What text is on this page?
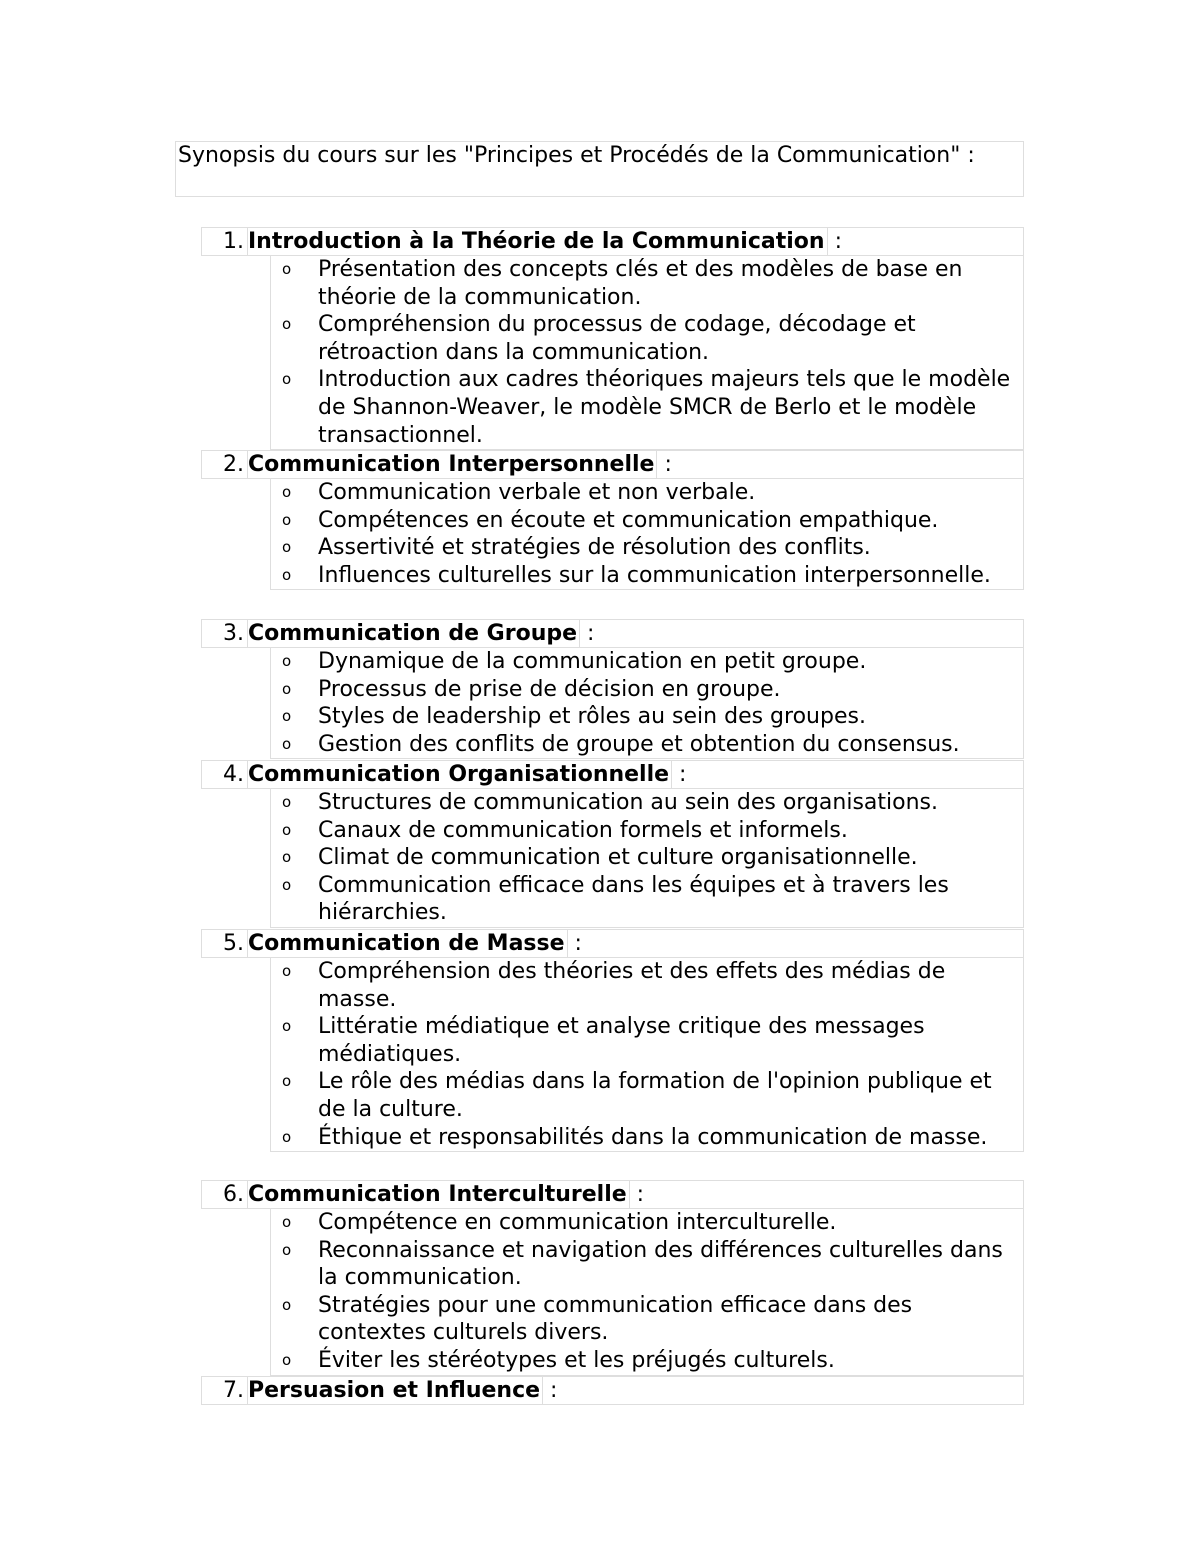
Synopsis du cours sur les "Principes et Procédés de la Communication" :
1. Introduction à la Théorie de la Communication :
o Présentation des concepts clés et des modèles de base en théorie de la communication.
o Compréhension du processus de codage, décodage et rétroaction dans la communication.
o Introduction aux cadres théoriques majeurs tels que le modèle de Shannon-Weaver, le modèle SMCR de Berlo et le modèle transactionnel.
2. Communication Interpersonnelle :
o Communication verbale et non verbale.
o Compétences en écoute et communication empathique.
o Assertivité et stratégies de résolution des conflits.
o Influences culturelles sur la communication interpersonnelle.
3. Communication de Groupe :
o Dynamique de la communication en petit groupe.
o Processus de prise de décision en groupe.
o Styles de leadership et rôles au sein des groupes.
o Gestion des conflits de groupe et obtention du consensus.
4. Communication Organisationnelle :
o Structures de communication au sein des organisations.
o Canaux de communication formels et informels.
o Climat de communication et culture organisationnelle.
o Communication efficace dans les équipes et à travers les hiérarchies.
5. Communication de Masse :
o Compréhension des théories et des effets des médias de masse.
o Littératie médiatique et analyse critique des messages médiatiques.
o Le rôle des médias dans la formation de l'opinion publique et de la culture.
o Éthique et responsabilités dans la communication de masse.
6. Communication Interculturelle :
o Compétence en communication interculturelle.
o Reconnaissance et navigation des différences culturelles dans la communication.
o Stratégies pour une communication efficace dans des contextes culturels divers.
o Éviter les stéréotypes et les préjugés culturels.
7. Persuasion et Influence :
